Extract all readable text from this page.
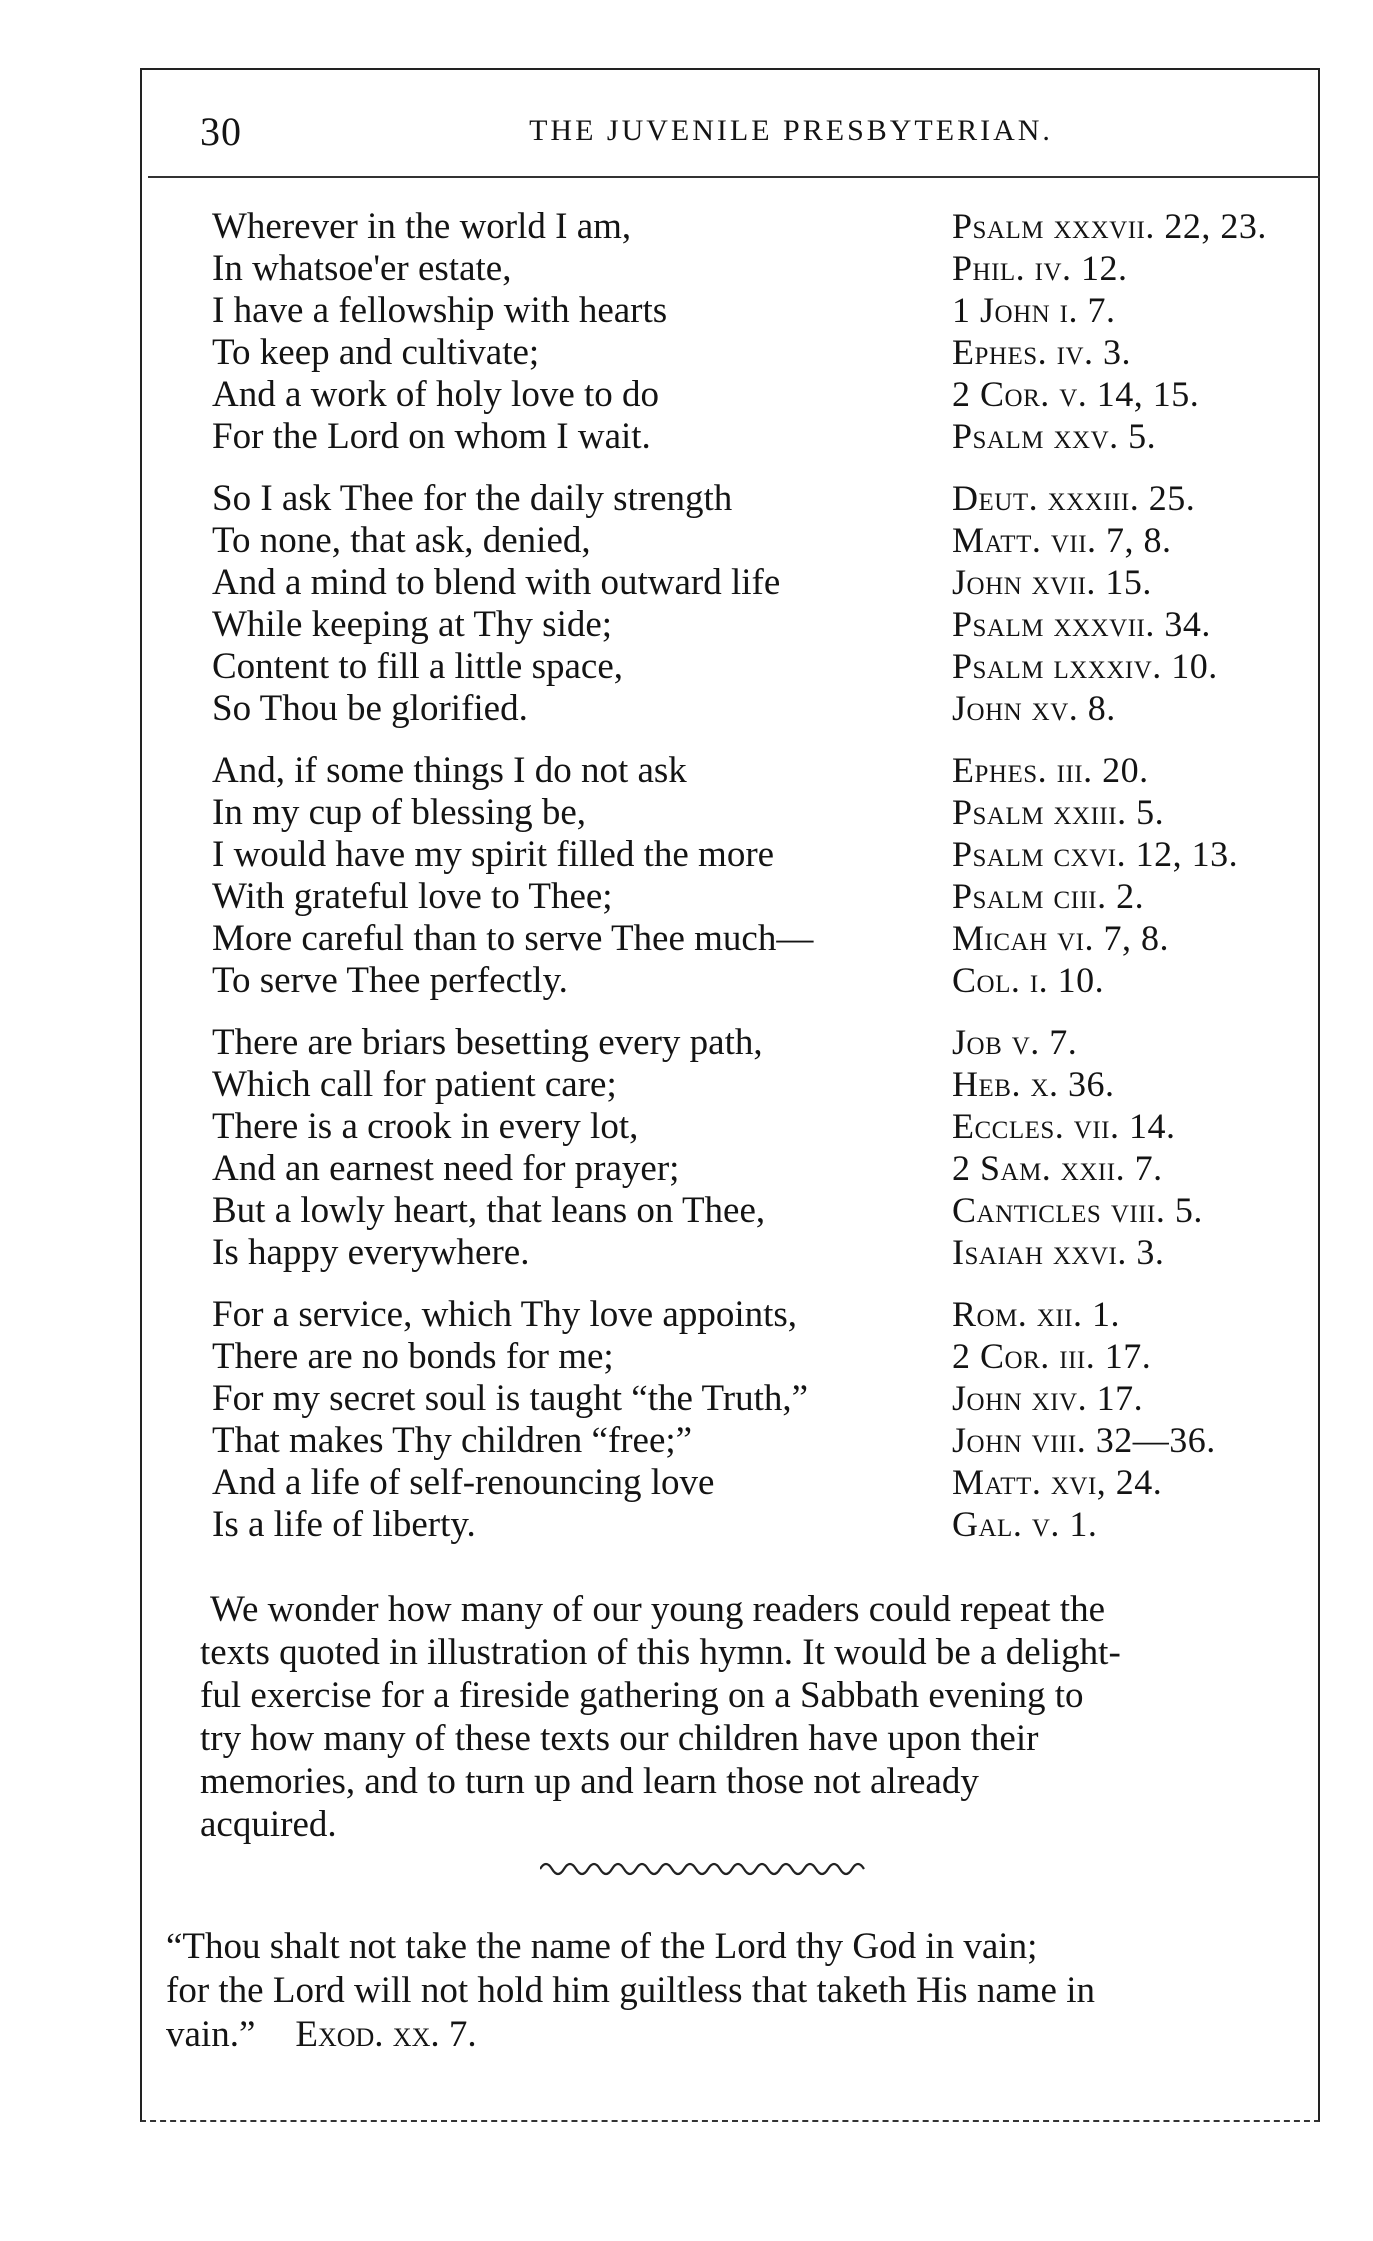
30	THE JUVENILE PRESBYTERIAN.
Wherever in the world I am,	Psalm xxxvii. 22, 23.
In whatsoe'er estate,	Phil. iv. 12.
I have a fellowship with hearts	1 John i. 7.
To keep and cultivate;	Ephes. iv. 3.
And a work of holy love to do	2 Cor. v. 14, 15.
For the Lord on whom I wait.	Psalm xxv. 5.
So I ask Thee for the daily strength	Deut. xxxiii. 25.
To none, that ask, denied,	Matt. vii. 7, 8.
And a mind to blend with outward life	John xvii. 15.
While keeping at Thy side;	Psalm xxxvii. 34.
Content to fill a little space,	Psalm lxxxiv. 10.
So Thou be glorified.	John xv. 8.
And, if some things I do not ask	Ephes. iii. 20.
In my cup of blessing be,	Psalm xxiii. 5.
I would have my spirit filled the more	Psalm cxvi. 12, 13.
With grateful love to Thee;	Psalm ciii. 2.
More careful than to serve Thee much—	Micah vi. 7, 8.
To serve Thee perfectly.	Col. i. 10.
There are briars besetting every path,	Job v. 7.
Which call for patient care;	Heb. x. 36.
There is a crook in every lot,	Eccles. vii. 14.
And an earnest need for prayer;	2 Sam. xxii. 7.
But a lowly heart, that leans on Thee,	Canticles viii. 5.
Is happy everywhere.	Isaiah xxvi. 3.
For a service, which Thy love appoints,	Rom. xii. 1.
There are no bonds for me;	2 Cor. iii. 17.
For my secret soul is taught “the Truth,”	John xiv. 17.
That makes Thy children “free;”	John viii. 32—36.
And a life of self-renouncing love	Matt. xvi, 24.
Is a life of liberty.	Gal. v. 1.
We wonder how many of our young readers could repeat the
texts quoted in illustration of this hymn. It would be a delight-
ful exercise for a fireside gathering on a Sabbath evening to
try how many of these texts our children have upon their
memories, and to turn up and learn those not already
acquired.
“Thou shalt not take the name of the Lord thy God in vain;
for the Lord will not hold him guiltless that taketh His name in
vain.” Exod. xx. 7.
